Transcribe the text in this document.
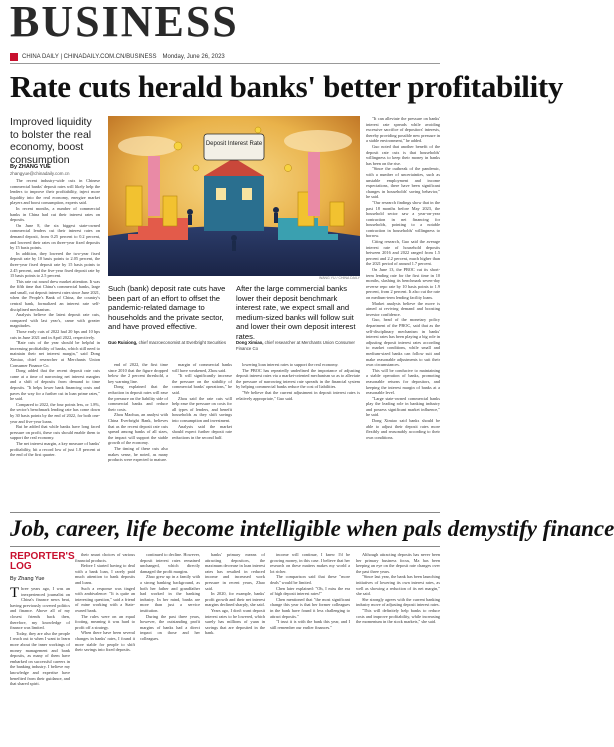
BUSINESS
CHINA DAILY | CHINADAILY.COM.CN/BUSINESS Monday, June 26, 2023
Rate cuts herald banks' better profitability
Improved liquidity to bolster the real economy, boost consumption
By ZHANG YUE
zhangyue@chinadaily.com.cn

The recent industry-wide cuts in Chinese commercial banks' deposit rates will likely help the lenders to improve their profitability, inject more liquidity into the real economy, energize market players and boost consumption, experts said.

In recent months, a number of commercial banks in China had cut their interest rates on deposits.

On June 8, the six biggest state-owned commercial lenders cut their interest rates on demand deposit, from 0.25 percent to 0.2 percent, and lowered their rates on three-year fixed deposits by 15 basis points.

In addition, they lowered the two-year fixed deposit rate by 10 basis points to 2.05 percent, the three-year fixed deposit rate by 15 basis points to 2.45 percent, and the five-year fixed deposit rate by 15 basis points to 2.5 percent.

This rate cut round drew market attention. It was the fifth time that China's commercial banks, large and small, cut deposit interest rates since June 2021, when the People's Bank of China, the country's central bank, formalized an interest rate self-disciplined mechanism.

Analysts believe the latest deposit rate cuts, compared with last year's, came with greater magnitudes.

Those early cuts of 2022 had 20 bps and 10 bps cuts in June 2021 and in April 2022, respectively.

"Rate cuts of the year should be helpful in increasing profitability of banks, which still need to maintain their net interest margin," said Dong Ximiao, chief researcher at Merchants Union Consumer Finance Co.

Dong added that the recent deposit rate cuts came at a time of narrowing net interest margins and a shift of deposits from demand to time deposits. "It helps lower bank financing costs and paves the way for a further cut in loan prime rates," he said.

Compared to 2022, the four points less, or 1.8%, the sector's benchmark lending rate has come down by 30 basis points by the end of 2022, for both one-year and five-year loans.

But he added that while banks have long faced pressure on profit, these cuts should enable them to support the real economy.

The net interest margin, a key measure of banks' profitability, hit a record low of just 1.8 percent at the end of the first quarter.

Deposit Interest Rate
WANG YU / CHINA DAILY

"It can alleviate the pressure on banks' interest rate spreads while avoiding excessive sacrifice of depositors' interests, thereby providing possible new pressure in a stable environment," he added.

Guo noted that another benefit of the deposit rate cuts is that households' willingness to keep their money in banks has been on the rise.

"Since the outbreak of the pandemic, with a number of uncertainties, such as unstable employment and income expectations, there have been significant changes in households' saving behavior," he said.

"Our research findings show that in the past 18 months before May 2023, the household sector saw a year-on-year contraction in net financing for households, pointing to a notable contraction in households' willingness to borrow.

Citing research, Guo said the average interest rate of household deposits between 2016 and 2022 ranged from 1.5 percent and 2.2 percent, much higher than the 2021 period of around 1.7 percent.

On June 13, the PBOC cut its short-term lending rate for the first time in 10 months, slashing its benchmark seven-day reverse repo rate by 10 basis points to 1.9 percent, from 2 percent. It also cut the rate on medium-term lending facility loans.

Market analysts believe the move is aimed at reviving demand and boosting investor confidence.

Guo, head of the monetary policy department of the PBOC, said that as the self-disciplinary mechanism in banks' interest rates has been playing a big role in adjusting deposit interest rates according to market conditions, while small and medium-sized banks can follow suit and make reasonable adjustments to suit their own circumstances.

This will be conducive to maintaining a stable operation of banks, promoting reasonable returns for depositors, and keeping the interest margin of banks at a reasonable level.

"Large state-owned commercial banks play the leading role in banking industry and possess significant market influence," he said.

Dong Ximiao said banks should be able to adjust their deposit rates more flexibly and reasonably according to their own conditions.

Such (bank) deposit rate cuts have been part of an effort to offset the pandemic-related damage to households and the private sector, and have proved effective.
Guo Ruixiong, chief macroeconomist at Everbright Securities
After the large commercial banks lower their deposit benchmark interest rate, we expect small and medium-sized banks will follow suit and lower their own deposit interest rates.
Dong Ximiao, chief researcher at Merchants Union Consumer Finance Co

end of 2022, the first time since 2010 that the figure dropped below the 2 percent threshold, a key warning line.

Dong explained that the reduction in deposit rates will ease the pressure on the liability side of commercial banks and reduce their costs.

Zhou Maohua, an analyst with China Everbright Bank, believes that as the recent deposit rate cuts spread among banks of all sizes, the impact will support the stable growth of the economy.

The timing of these cuts also makes sense, he noted, as many products were expected to mature.

margin of commercial banks will have weakened, Zhou said.

"It will significantly increase the pressure on the stability of commercial banks' operations," he said.

Zhou said the rate cuts will help ease the pressure on costs for all types of lenders, and benefit households as they shift savings into consumption and investment.

Analysts said the market should expect further deposit rate reductions in the second half.

lowering loan interest rates to support the real economy.

The PBOC has repeatedly underlined the importance of adjusting deposit interest rates via a market-oriented mechanism so as to alleviate the pressure of narrowing interest rate spreads in the financial system by helping commercial banks reduce the cost of liabilities.

"We believe that the current adjustment in deposit interest rates is relatively appropriate," Guo said.

Job, career, life become intelligible when pals demystify finance
REPORTER'S LOG
By Zhang Yue

Three years ago, I was an inexperienced journalist on China's finance news beat, having previously covered politics and finance. Above all of my closest friends back then, therefore, my knowledge of finance was limited.

Today, they are also the people I reach out to when I want to learn more about the inner workings of money management and bank deposits, as many of them have embarked on successful careers in the banking industry. I believe my knowledge and expertise have benefited from their guidance, and that shared spirit.

their smart choices of various financial products.

Before I started having to deal with a bank loan, I rarely paid much attention to bank deposits and loans.

Such a response was tinged with ambivalence: "It is quite an interesting question," said a friend of mine working with a State-owned bank.

The rules were on an equal footing, meaning it was hard to profit off a strategy.

When there have been several changes in banks' rates, I found it more stable for people to shift their savings into fixed deposits.

continued to decline. However, deposit interest rates remained unchanged, which directly damaged the profit margins.

Zhao grew up in a family with a strong banking background, as both her father and grandfather had worked in the banking industry. In her mind, banks are more than just a service institution.

During the past three years, however, the outstanding profit margins of banks had a direct impact on those and her colleagues.

banks' primary means of attracting depositors, the maximum decrease in loan interest rates has resulted in reduced income and increased work pressure in recent years, Zhao said.

In 2020, for example, banks' profit growth and their net interest margins declined sharply, she said.

Years ago, I don't want deposit interest rates to be lowered, which surely has millions of yuan in savings that are deposited in the bank.

income will continue, I knew I'd be growing money, in this case. I believe that her research on these matters makes my world a lot richer.

The comparison said that these "more deals" would be limited.

Chen later explained: "Oh, I miss the era of high deposit interest rates!"

Chen mentioned that "the most significant change this year is that her former colleagues in the bank have found it less challenging to attract deposits."

"I trust it is with the bank this year, and I still remember our earlier finances."

Although attracting deposits has never been her primary business focus, Ma has been keeping an eye on the deposit rate changes over the past three years.

"Since last year, the bank has been launching initiatives of lowering its own interest rates, as well as showing a reduction of its net margin," she said.

She strongly agrees with the current banking industry move of adjusting deposit interest rates.

"This will definitely help banks to reduce costs and improve profitability, while increasing the momentum in the stock markets," she said.
